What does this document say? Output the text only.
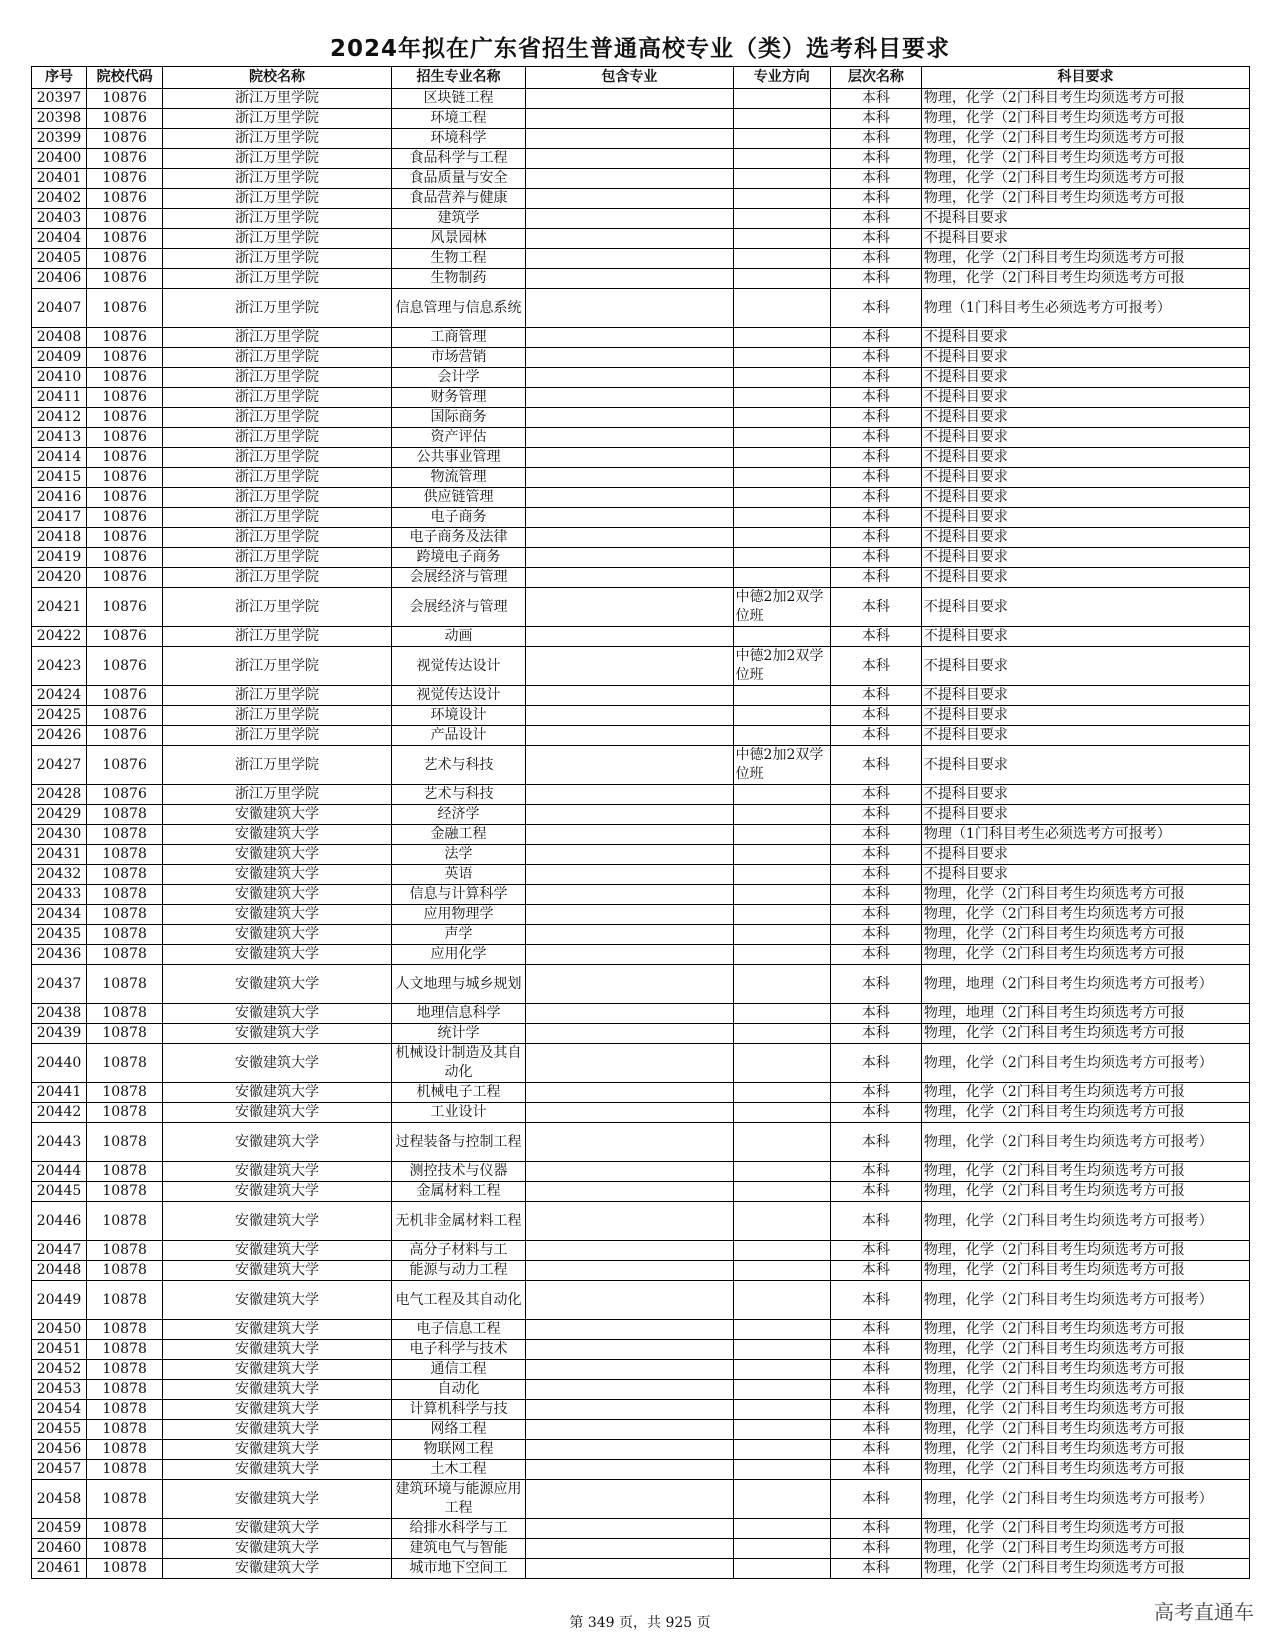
2024年拟在广东省招生普通高校专业（类）选考科目要求
序号	院校代码	院校名称	招生专业名称	包含专业	专业方向	层次名称	科目要求
20397	10876	浙江万里学院	区块链工程			本科	物理，化学（2门科目考生均须选考方可报
20398	10876	浙江万里学院	环境工程			本科	物理，化学（2门科目考生均须选考方可报
20399	10876	浙江万里学院	环境科学			本科	物理，化学（2门科目考生均须选考方可报
20400	10876	浙江万里学院	食品科学与工程			本科	物理，化学（2门科目考生均须选考方可报
20401	10876	浙江万里学院	食品质量与安全			本科	物理，化学（2门科目考生均须选考方可报
20402	10876	浙江万里学院	食品营养与健康			本科	物理，化学（2门科目考生均须选考方可报
20403	10876	浙江万里学院	建筑学			本科	不提科目要求
20404	10876	浙江万里学院	风景园林			本科	不提科目要求
20405	10876	浙江万里学院	生物工程			本科	物理，化学（2门科目考生均须选考方可报
20406	10876	浙江万里学院	生物制药			本科	物理，化学（2门科目考生均须选考方可报
20407	10876	浙江万里学院	信息管理与信息系统			本科	物理（1门科目考生必须选考方可报考）
20408	10876	浙江万里学院	工商管理			本科	不提科目要求
20409	10876	浙江万里学院	市场营销			本科	不提科目要求
20410	10876	浙江万里学院	会计学			本科	不提科目要求
20411	10876	浙江万里学院	财务管理			本科	不提科目要求
20412	10876	浙江万里学院	国际商务			本科	不提科目要求
20413	10876	浙江万里学院	资产评估			本科	不提科目要求
20414	10876	浙江万里学院	公共事业管理			本科	不提科目要求
20415	10876	浙江万里学院	物流管理			本科	不提科目要求
20416	10876	浙江万里学院	供应链管理			本科	不提科目要求
20417	10876	浙江万里学院	电子商务			本科	不提科目要求
20418	10876	浙江万里学院	电子商务及法律			本科	不提科目要求
20419	10876	浙江万里学院	跨境电子商务			本科	不提科目要求
20420	10876	浙江万里学院	会展经济与管理			本科	不提科目要求
20421	10876	浙江万里学院	会展经济与管理		中德2加2双学位班	本科	不提科目要求
20422	10876	浙江万里学院	动画			本科	不提科目要求
20423	10876	浙江万里学院	视觉传达设计		中德2加2双学位班	本科	不提科目要求
20424	10876	浙江万里学院	视觉传达设计			本科	不提科目要求
20425	10876	浙江万里学院	环境设计			本科	不提科目要求
20426	10876	浙江万里学院	产品设计			本科	不提科目要求
20427	10876	浙江万里学院	艺术与科技		中德2加2双学位班	本科	不提科目要求
20428	10876	浙江万里学院	艺术与科技			本科	不提科目要求
20429	10878	安徽建筑大学	经济学			本科	不提科目要求
20430	10878	安徽建筑大学	金融工程			本科	物理（1门科目考生必须选考方可报考）
20431	10878	安徽建筑大学	法学			本科	不提科目要求
20432	10878	安徽建筑大学	英语			本科	不提科目要求
20433	10878	安徽建筑大学	信息与计算科学			本科	物理，化学（2门科目考生均须选考方可报
20434	10878	安徽建筑大学	应用物理学			本科	物理，化学（2门科目考生均须选考方可报
20435	10878	安徽建筑大学	声学			本科	物理，化学（2门科目考生均须选考方可报
20436	10878	安徽建筑大学	应用化学			本科	物理，化学（2门科目考生均须选考方可报
20437	10878	安徽建筑大学	人文地理与城乡规划			本科	物理，地理（2门科目考生均须选考方可报考）
20438	10878	安徽建筑大学	地理信息科学			本科	物理，地理（2门科目考生均须选考方可报
20439	10878	安徽建筑大学	统计学			本科	物理，化学（2门科目考生均须选考方可报
20440	10878	安徽建筑大学	机械设计制造及其自动化			本科	物理，化学（2门科目考生均须选考方可报考）
20441	10878	安徽建筑大学	机械电子工程			本科	物理，化学（2门科目考生均须选考方可报
20442	10878	安徽建筑大学	工业设计			本科	物理，化学（2门科目考生均须选考方可报
20443	10878	安徽建筑大学	过程装备与控制工程			本科	物理，化学（2门科目考生均须选考方可报考）
20444	10878	安徽建筑大学	测控技术与仪器			本科	物理，化学（2门科目考生均须选考方可报
20445	10878	安徽建筑大学	金属材料工程			本科	物理，化学（2门科目考生均须选考方可报
20446	10878	安徽建筑大学	无机非金属材料工程			本科	物理，化学（2门科目考生均须选考方可报考）
20447	10878	安徽建筑大学	高分子材料与工			本科	物理，化学（2门科目考生均须选考方可报
20448	10878	安徽建筑大学	能源与动力工程			本科	物理，化学（2门科目考生均须选考方可报
20449	10878	安徽建筑大学	电气工程及其自动化			本科	物理，化学（2门科目考生均须选考方可报考）
20450	10878	安徽建筑大学	电子信息工程			本科	物理，化学（2门科目考生均须选考方可报
20451	10878	安徽建筑大学	电子科学与技术			本科	物理，化学（2门科目考生均须选考方可报
20452	10878	安徽建筑大学	通信工程			本科	物理，化学（2门科目考生均须选考方可报
20453	10878	安徽建筑大学	自动化			本科	物理，化学（2门科目考生均须选考方可报
20454	10878	安徽建筑大学	计算机科学与技			本科	物理，化学（2门科目考生均须选考方可报
20455	10878	安徽建筑大学	网络工程			本科	物理，化学（2门科目考生均须选考方可报
20456	10878	安徽建筑大学	物联网工程			本科	物理，化学（2门科目考生均须选考方可报
20457	10878	安徽建筑大学	土木工程			本科	物理，化学（2门科目考生均须选考方可报
20458	10878	安徽建筑大学	建筑环境与能源应用工程			本科	物理，化学（2门科目考生均须选考方可报考）
20459	10878	安徽建筑大学	给排水科学与工			本科	物理，化学（2门科目考生均须选考方可报
20460	10878	安徽建筑大学	建筑电气与智能			本科	物理，化学（2门科目考生均须选考方可报
20461	10878	安徽建筑大学	城市地下空间工			本科	物理，化学（2门科目考生均须选考方可报
第 349 页，共 925 页	高考直通车
